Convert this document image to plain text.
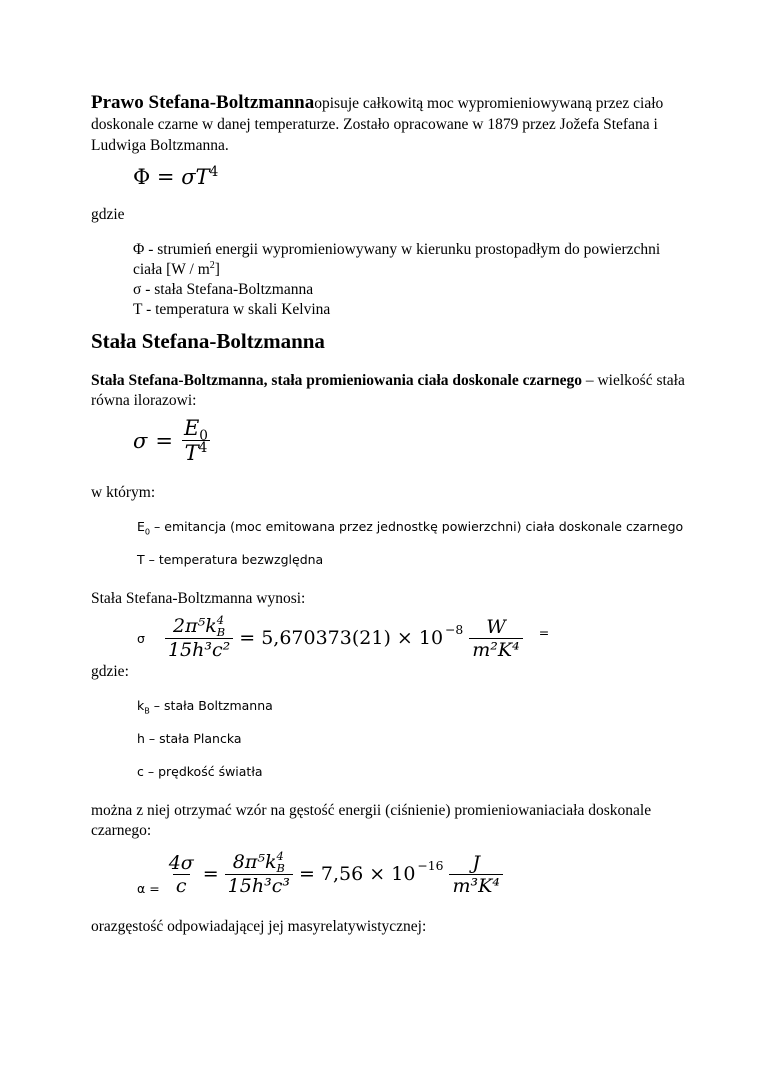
Prawo Stefana-Boltzmannaopisuje całkowitą moc wypromieniowywaną przez ciało doskonale czarne w danej temperaturze. Zostało opracowane w 1879 przez Jožefa Stefana i Ludwiga Boltzmanna.
$\Phi = \sigma T^4$
gdzie
Φ - strumień energii wypromieniowywany w kierunku prostopadłym do powierzchni
ciała $[W / m^2]$
σ - stała Stefana-Boltzmanna
T - temperatura w skali Kelvina
Stała Stefana-Boltzmanna
Stała Stefana-Boltzmanna, stała promieniowania ciała doskonale czarnego – wielkość stała równa ilorazowi:
$\sigma = \frac{E_0}{T^4}$
w którym:
$E_0$ – emitancja (moc emitowana przez jednostkę powierzchni) ciała doskonale czarnego
T – temperatura bezwzględna
Stała Stefana-Boltzmanna wynosi:
σ 2π⁵k 4
B
$15h^3c^2 = 5,670373(21) \times 10^{-8} \frac{W}{\text{m²K⁴}}$ =
gdzie:
$k_B$ – stała Boltzmanna
h – stała Plancka
c – prędkość światła
można z niej otrzymać wzór na gęstość energii (ciśnienie) promieniowaniaciała doskonale czarnego:
$\alpha = \frac{4\sigma}{c} = 8\pi^5k$ 4
B
$15h^3c^3 = 7,56 \times 10^{-16} \frac{J}{\text{m³K⁴}}$
orazgęstość odpowiadającej jej masyrelatywistycznej:
